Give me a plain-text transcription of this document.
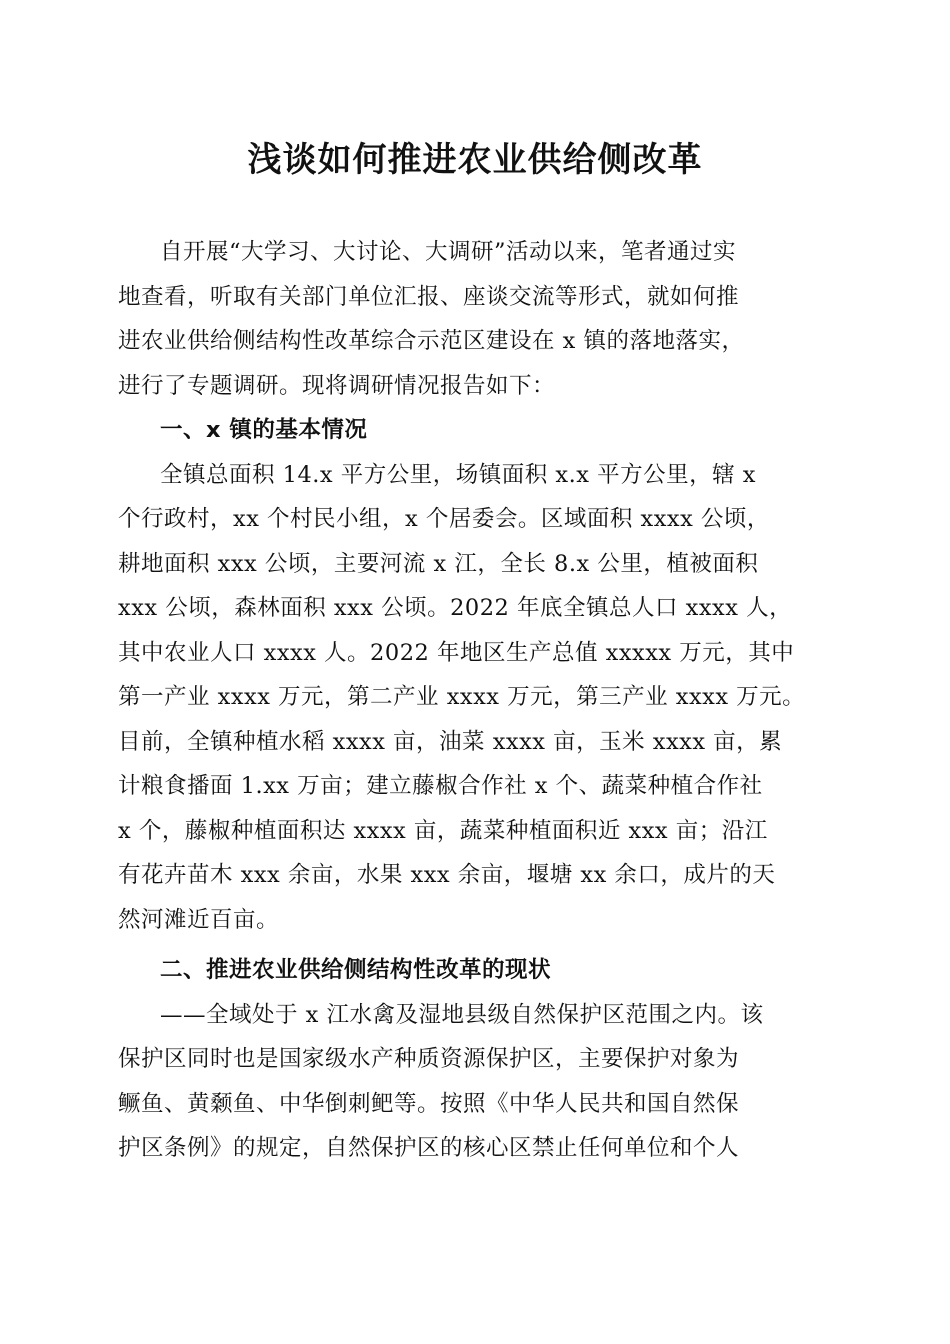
浅谈如何推进农业供给侧改革
自开展“大学习、大讨论、大调研”活动以来，笔者通过实
地查看，听取有关部门单位汇报、座谈交流等形式，就如何推
进农业供给侧结构性改革综合示范区建设在 x 镇的落地落实，
进行了专题调研。现将调研情况报告如下：
一、x 镇的基本情况
全镇总面积 14.x 平方公里，场镇面积 x.x 平方公里，辖 x
个行政村，xx 个村民小组，x 个居委会。区域面积 xxxx 公顷，
耕地面积 xxx 公顷，主要河流 x 江，全长 8.x 公里，植被面积
xxx 公顷，森林面积 xxx 公顷。2022 年底全镇总人口 xxxx 人，
其中农业人口 xxxx 人。2022 年地区生产总值 xxxxx 万元，其中
第一产业 xxxx 万元，第二产业 xxxx 万元，第三产业 xxxx 万元。
目前，全镇种植水稻 xxxx 亩，油菜 xxxx 亩，玉米 xxxx 亩，累
计粮食播面 1.xx 万亩；建立藤椒合作社 x 个、蔬菜种植合作社
x 个，藤椒种植面积达 xxxx 亩，蔬菜种植面积近 xxx 亩；沿江
有花卉苗木 xxx 余亩，水果 xxx 余亩，堰塘 xx 余口，成片的天
然河滩近百亩。
二、推进农业供给侧结构性改革的现状
——全域处于 x 江水禽及湿地县级自然保护区范围之内。该
保护区同时也是国家级水产种质资源保护区，主要保护对象为
鳜鱼、黄颡鱼、中华倒刺鲃等。按照《中华人民共和国自然保
护区条例》的规定，自然保护区的核心区禁止任何单位和个人
